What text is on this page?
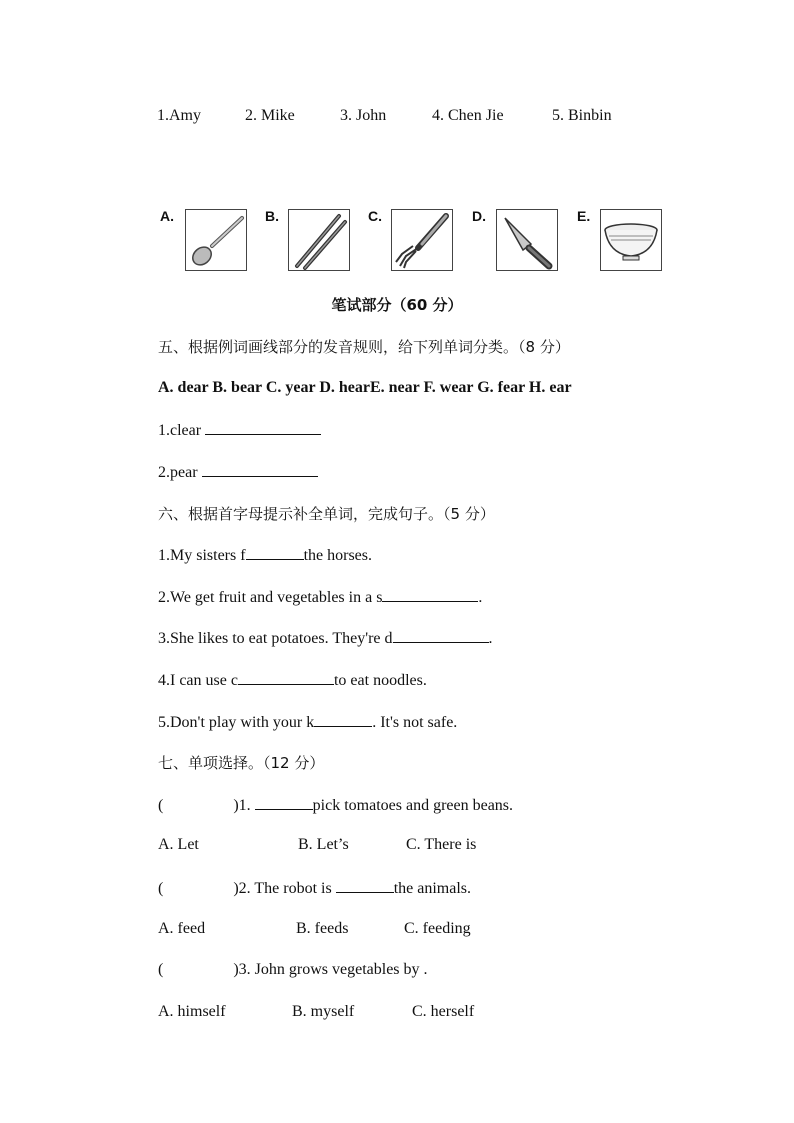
1.Amy	2. Mike	3. John	4. Chen Jie	5. Binbin
A.	B.	C.	D.	E.
笔试部分（60 分）
五、根据例词画线部分的发音规则，给下列单词分类。（8 分）
A. dear B. bear C. year D. hearE. near F. wear G. fear H. ear
1.clear
2.pear
六、根据首字母提示补全单词，完成句子。（5 分）
1.My sisters f	the horses.
2.We get fruit and vegetables in a s	.
3.She likes to eat potatoes. They're d	.
4.I can use c	to eat noodles.
5.Don't play with your k	. It's not safe.
七、单项选择。（12 分）
(	)1.	pick tomatoes and green beans.
A. Let	B. Let’s	C. There is
(	)2. The robot is	the animals.
A. feed	B. feeds	C. feeding
(	)3. John grows vegetables by .
A. himself	B. myself	C. herself
